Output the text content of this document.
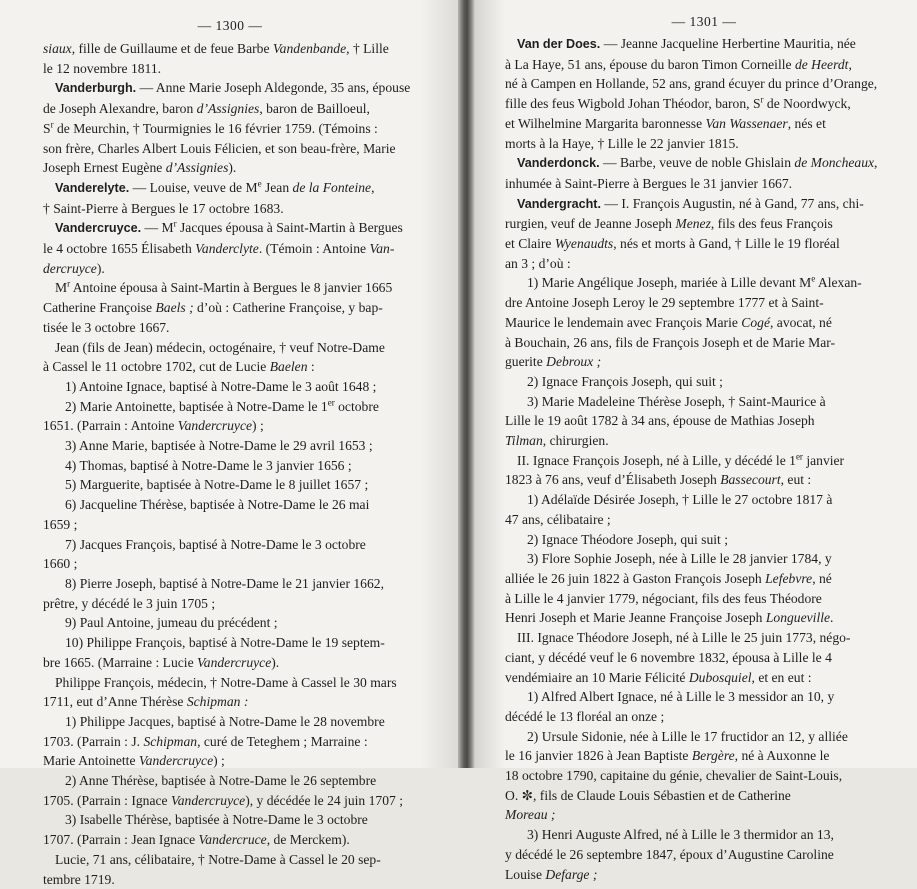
— 1300 —
siaux, fille de Guillaume et de feue Barbe Vandenbande, † Lille
le 12 novembre 1811.
Vanderburgh. — Anne Marie Joseph Aldegonde, 35 ans, épouse
de Joseph Alexandre, baron d’Assignies, baron de Bailloeul,
$S^r$ de Meurchin, † Tourmignies le 16 février 1759. (Témoins :
son frère, Charles Albert Louis Félicien, et son beau-frère, Marie
Joseph Ernest Eugène d’Assignies).
Vanderelyte. — Louise, veuve de Me Jean de la Fonteine,
† Saint-Pierre à Bergues le 17 octobre 1683.
Vandercruyce. — $M^r$ Jacques épousa à Saint-Martin à Bergues
le 4 octobre 1655 Élisabeth Vanderclyte. (Témoin : Antoine Van-
dercruyce).
$M^r$ Antoine épousa à Saint-Martin à Bergues le 8 janvier 1665
Catherine Françoise Baels ; d’où : Catherine Françoise, y bap-
tisée le 3 octobre 1667.
Jean (fils de Jean) médecin, octogénaire, † veuf Notre-Dame
à Cassel le 11 octobre 1702, cut de Lucie Baelen :
1) Antoine Ignace, baptisé à Notre-Dame le 3 août 1648 ;
2) Marie Antoinette, baptisée à Notre-Dame le 1er octobre
1651. (Parrain : Antoine Vandercruyce) ;
3) Anne Marie, baptisée à Notre-Dame le 29 avril 1653 ;
4) Thomas, baptisé à Notre-Dame le 3 janvier 1656 ;
5) Marguerite, baptisée à Notre-Dame le 8 juillet 1657 ;
6) Jacqueline Thérèse, baptisée à Notre-Dame le 26 mai
1659 ;
7) Jacques François, baptisé à Notre-Dame le 3 octobre
1660 ;
8) Pierre Joseph, baptisé à Notre-Dame le 21 janvier 1662,
prêtre, y décédé le 3 juin 1705 ;
9) Paul Antoine, jumeau du précédent ;
10) Philippe François, baptisé à Notre-Dame le 19 septem-
bre 1665. (Marraine : Lucie Vandercruyce).
Philippe François, médecin, † Notre-Dame à Cassel le 30 mars
1711, eut d’Anne Thérèse Schipman :
1) Philippe Jacques, baptisé à Notre-Dame le 28 novembre
1703. (Parrain : J. Schipman, curé de Teteghem ; Marraine :
Marie Antoinette Vandercruyce) ;
2) Anne Thérèse, baptisée à Notre-Dame le 26 septembre
1705. (Parrain : Ignace Vandercruyce), y décédée le 24 juin 1707 ;
3) Isabelle Thérèse, baptisée à Notre-Dame le 3 octobre
1707. (Parrain : Jean Ignace Vandercruce, de Merckem).
Lucie, 71 ans, célibataire, † Notre-Dame à Cassel le 20 sep-
tembre 1719.
— 1301 —
Van der Does. — Jeanne Jacqueline Herbertine Mauritia, née
à La Haye, 51 ans, épouse du baron Timon Corneille de Heerdt,
né à Campen en Hollande, 52 ans, grand écuyer du prince d’Orange,
fille des feus Wigbold Johan Théodor, baron, $S^r$ de Noordwyck,
et Wilhelmine Margarita baronnesse Van Wassenaer, nés et
morts à la Haye, † Lille le 22 janvier 1815.
Vanderdonck. — Barbe, veuve de noble Ghislain de Moncheaux,
inhumée à Saint-Pierre à Bergues le 31 janvier 1667.
Vandergracht. — I. François Augustin, né à Gand, 77 ans, chi-
rurgien, veuf de Jeanne Joseph Menez, fils des feus François
et Claire Wyenaudts, nés et morts à Gand, † Lille le 19 floréal
an 3 ; d’où :
1) Marie Angélique Joseph, mariée à Lille devant Me Alexan-
dre Antoine Joseph Leroy le 29 septembre 1777 et à Saint-
Maurice le lendemain avec François Marie Cogé, avocat, né
à Bouchain, 26 ans, fils de François Joseph et de Marie Mar-
guerite Debroux ;
2) Ignace François Joseph, qui suit ;
3) Marie Madeleine Thérèse Joseph, † Saint-Maurice à
Lille le 19 août 1782 à 34 ans, épouse de Mathias Joseph
Tilman, chirurgien.
II. Ignace François Joseph, né à Lille, y décédé le 1er janvier
1823 à 76 ans, veuf d’Élisabeth Joseph Bassecourt, eut :
1) Adélaïde Désirée Joseph, † Lille le 27 octobre 1817 à
47 ans, célibataire ;
2) Ignace Théodore Joseph, qui suit ;
3) Flore Sophie Joseph, née à Lille le 28 janvier 1784, y
alliée le 26 juin 1822 à Gaston François Joseph Lefebvre, né
à Lille le 4 janvier 1779, négociant, fils des feus Théodore
Henri Joseph et Marie Jeanne Françoise Joseph Longueville.
III. Ignace Théodore Joseph, né à Lille le 25 juin 1773, négo-
ciant, y décédé veuf le 6 novembre 1832, épousa à Lille le 4
vendémiaire an 10 Marie Félicité Dubosquiel, et en eut :
1) Alfred Albert Ignace, né à Lille le 3 messidor an 10, y
décédé le 13 floréal an onze ;
2) Ursule Sidonie, née à Lille le 17 fructidor an 12, y alliée
le 16 janvier 1826 à Jean Baptiste Bergère, né à Auxonne le
18 octobre 1790, capitaine du génie, chevalier de Saint-Louis,
O. ✼, fils de Claude Louis Sébastien et de Catherine
Moreau ;
3) Henri Auguste Alfred, né à Lille le 3 thermidor an 13,
y décédé le 26 septembre 1847, époux d’Augustine Caroline
Louise Defarge ;
